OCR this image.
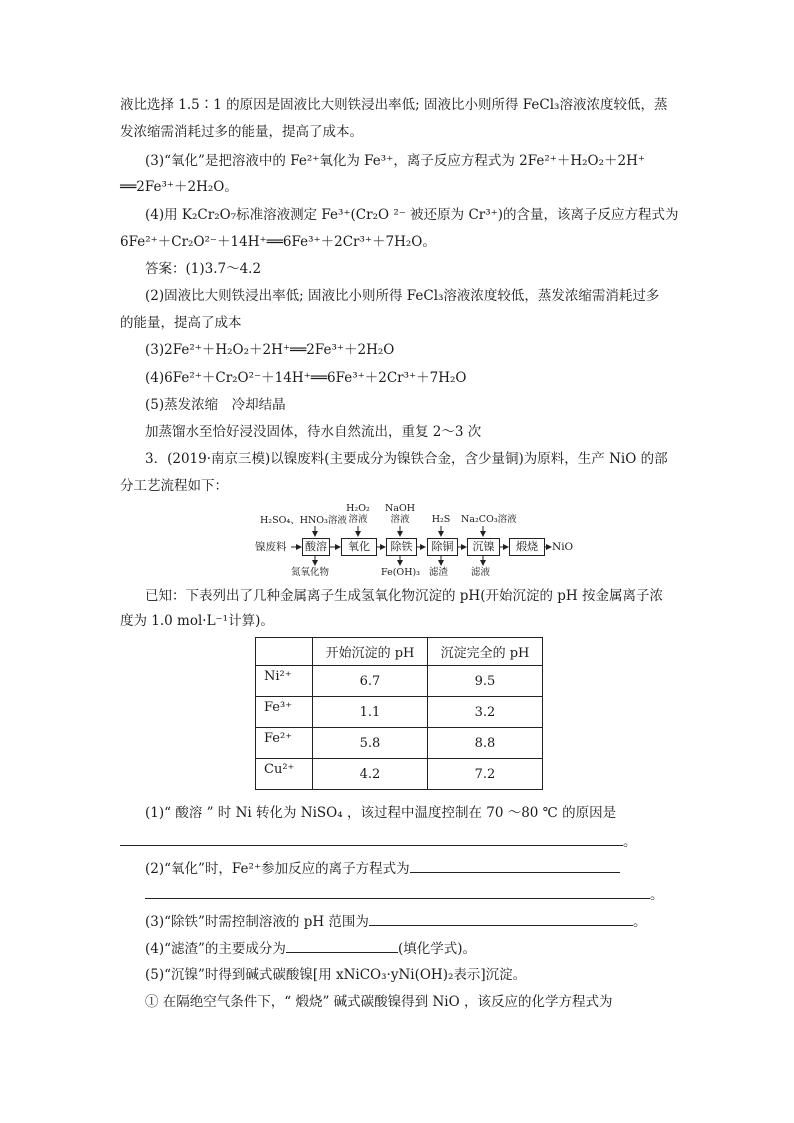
液比选择 1.5∶1 的原因是固液比大则铁浸出率低; 固液比小则所得 FeCl₃溶液浓度较低，蒸
发浓缩需消耗过多的能量，提高了成本。
(3)“氧化”是把溶液中的 Fe²⁺氧化为 Fe³⁺，离子反应方程式为 2Fe²⁺＋H₂O₂＋2H⁺
══2Fe³⁺＋2H₂O。
(4)用 K₂Cr₂O₇标准溶液测定 Fe³⁺(Cr₂O ²⁻ 被还原为 Cr³⁺)的含量，该离子反应方程式为
6Fe²⁺＋Cr₂O²⁻＋14H⁺══6Fe³⁺＋2Cr³⁺＋7H₂O。
答案：(1)3.7～4.2
(2)固液比大则铁浸出率低; 固液比小则所得 FeCl₃溶液浓度较低，蒸发浓缩需消耗过多
的能量，提高了成本
(3)2Fe²⁺＋H₂O₂＋2H⁺══2Fe³⁺＋2H₂O
(4)6Fe²⁺＋Cr₂O²⁻＋14H⁺══6Fe³⁺＋2Cr³⁺＋7H₂O
(5)蒸发浓缩　冷却结晶
加蒸馏水至恰好浸没固体，待水自然流出，重复 2～3 次
3．(2019·南京三模)以镍废料(主要成分为镍铁合金，含少量铜)为原料，生产 NiO 的部
分工艺流程如下：
镍废料 酸溶	氧化	除铁	除铜	沉镍	煅烧	NiO
H₂SO₄、HNO₃溶液
H₂O₂
溶液
NaOH
溶液	H₂S Na₂CO₃溶液
氮氧化物	Fe(OH)₃ 滤渣 滤液
已知：下表列出了几种金属离子生成氢氧化物沉淀的 pH(开始沉淀的 pH 按金属离子浓
度为 1.0 mol·L⁻¹计算)。
	开始沉淀的 pH	沉淀完全的 pH
Ni²⁺	6.7	9.5
Fe³⁺	1.1	3.2
Fe²⁺	5.8	8.8
Cu²⁺	4.2	7.2
(1)“ 酸溶 ” 时 Ni 转化为 NiSO₄ ，该过程中温度控制在 70 ～80 ℃ 的原因是
。
(2)“氧化”时，Fe²⁺参加反应的离子方程式为
。
(3)“除铁”时需控制溶液的 pH 范围为	。
(4)“滤渣”的主要成分为	(填化学式)。
(5)“沉镍”时得到碱式碳酸镍[用 xNiCO₃·yNi(OH)₂表示]沉淀。
① 在隔绝空气条件下，“ 煅烧” 碱式碳酸镍得到 NiO ，该反应的化学方程式为
